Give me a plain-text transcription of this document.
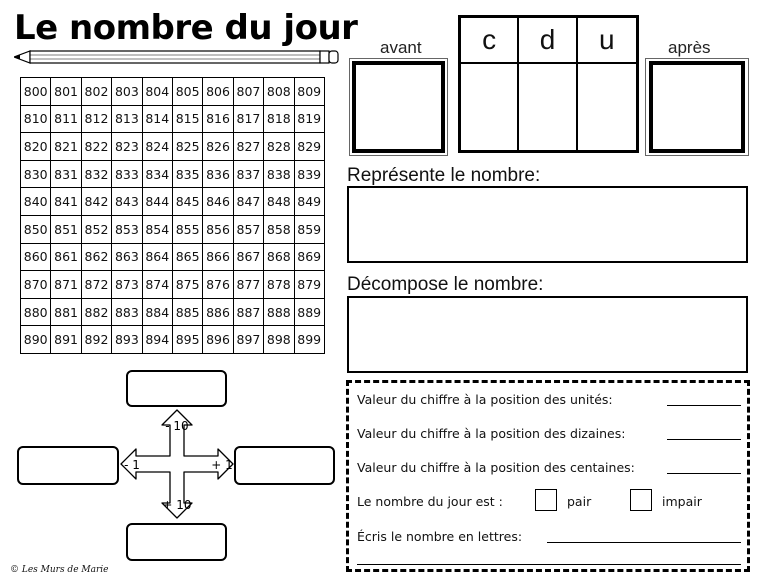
Le nombre du jour
800	801	802	803	804	805	806	807	808	809
810	811	812	813	814	815	816	817	818	819
820	821	822	823	824	825	826	827	828	829
830	831	832	833	834	835	836	837	838	839
840	841	842	843	844	845	846	847	848	849
850	851	852	853	854	855	856	857	858	859
860	861	862	863	864	865	866	867	868	869
870	871	872	873	874	875	876	877	878	879
880	881	882	883	884	885	886	887	888	889
890	891	892	893	894	895	896	897	898	899
avant	c	d	u	après
Représente le nombre:
Décompose le nombre:
- 10
+ 10
- 1	+ 1
Valeur du chiffre à la position des unités:
Valeur du chiffre à la position des dizaines:
Valeur du chiffre à la position des centaines:
Le nombre du jour est :	pair	impair
Écris le nombre en lettres:
© Les Murs de Marie
